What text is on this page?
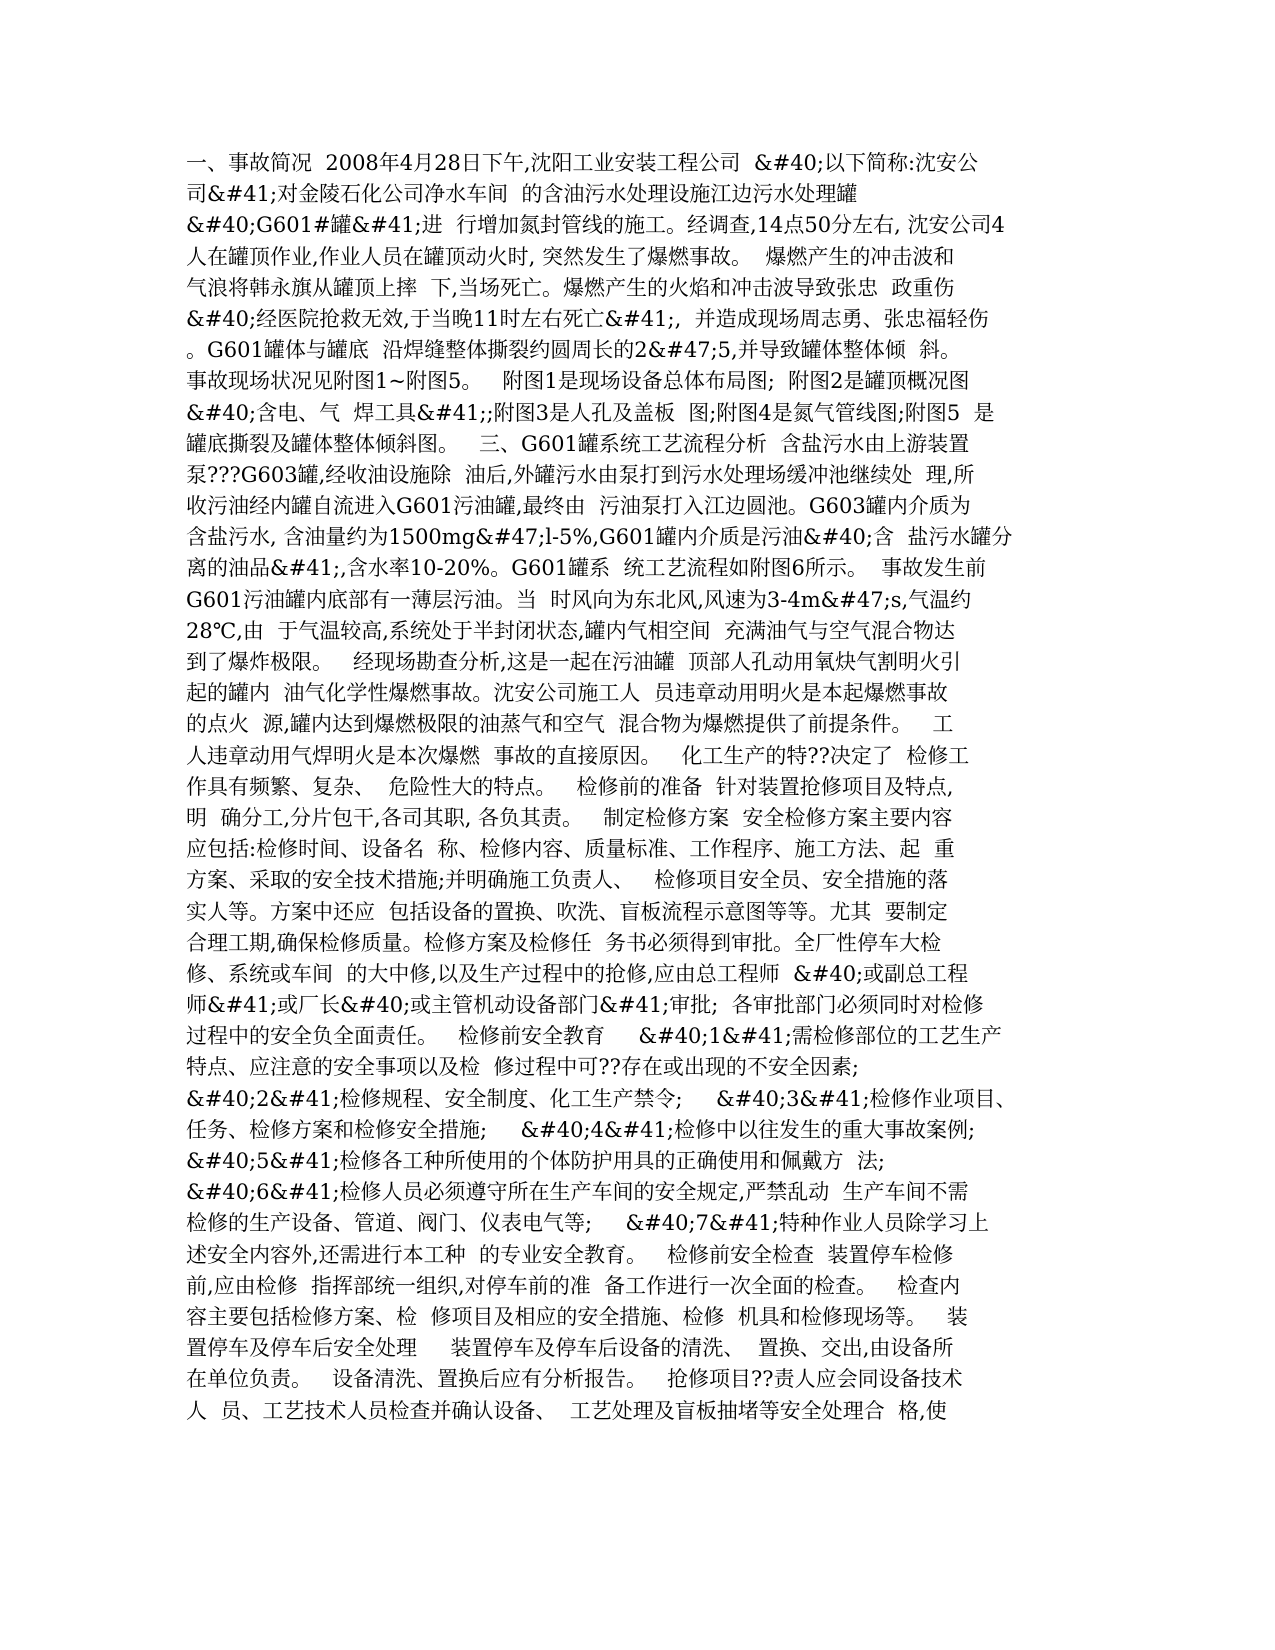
一、事故简况  2008年4月28日下午,沈阳工业安装工程公司  &#40;以下简称:沈安公
司&#41;对金陵石化公司净水车间  的含油污水处理设施江边污水处理罐
&#40;G601#罐&#41;进  行增加氮封管线的施工。经调查,14点50分左右, 沈安公司4
人在罐顶作业,作业人员在罐顶动火时, 突然发生了爆燃事故。  爆燃产生的冲击波和
气浪将韩永旗从罐顶上摔  下,当场死亡。爆燃产生的火焰和冲击波导致张忠  政重伤
&#40;经医院抢救无效,于当晚11时左右死亡&#41;,  并造成现场周志勇、张忠福轻伤
。G601罐体与罐底  沿焊缝整体撕裂约圆周长的2&#47;5,并导致罐体整体倾  斜。
事故现场状况见附图1~附图5。   附图1是现场设备总体布局图;  附图2是罐顶概况图
&#40;含电、气  焊工具&#41;;附图3是人孔及盖板  图;附图4是氮气管线图;附图5  是
罐底撕裂及罐体整体倾斜图。   三、G601罐系统工艺流程分析  含盐污水由上游装置
泵???G603罐,经收油设施除  油后,外罐污水由泵打到污水处理场缓冲池继续处  理,所
收污油经内罐自流进入G601污油罐,最终由  污油泵打入江边圆池。G603罐内介质为
含盐污水, 含油量约为1500mg&#47;l-5%,G601罐内介质是污油&#40;含  盐污水罐分
离的油品&#41;,含水率10-20%。G601罐系  统工艺流程如附图6所示。  事故发生前
G601污油罐内底部有一薄层污油。当  时风向为东北风,风速为3-4m&#47;s,气温约
28℃,由  于气温较高,系统处于半封闭状态,罐内气相空间  充满油气与空气混合物达
到了爆炸极限。   经现场勘查分析,这是一起在污油罐  顶部人孔动用氧炔气割明火引
起的罐内  油气化学性爆燃事故。沈安公司施工人  员违章动用明火是本起爆燃事故
的点火  源,罐内达到爆燃极限的油蒸气和空气  混合物为爆燃提供了前提条件。   工
人违章动用气焊明火是本次爆燃  事故的直接原因。   化工生产的特??决定了  检修工
作具有频繁、复杂、  危险性大的特点。   检修前的准备  针对装置抢修项目及特点,
明  确分工,分片包干,各司其职, 各负其责。   制定检修方案  安全检修方案主要内容
应包括:检修时间、设备名  称、检修内容、质量标准、工作程序、施工方法、起  重
方案、采取的安全技术措施;并明确施工负责人、   检修项目安全员、安全措施的落
实人等。方案中还应  包括设备的置换、吹洗、盲板流程示意图等等。尤其  要制定
合理工期,确保检修质量。检修方案及检修任  务书必须得到审批。全厂性停车大检
修、系统或车间  的大中修,以及生产过程中的抢修,应由总工程师  &#40;或副总工程
师&#41;或厂长&#40;或主管机动设备部门&#41;审批;  各审批部门必须同时对检修
过程中的安全负全面责任。   检修前安全教育     &#40;1&#41;需检修部位的工艺生产
特点、应注意的安全事项以及检  修过程中可??存在或出现的不安全因素;
&#40;2&#41;检修规程、安全制度、化工生产禁令;     &#40;3&#41;检修作业项目、
任务、检修方案和检修安全措施;     &#40;4&#41;检修中以往发生的重大事故案例;
&#40;5&#41;检修各工种所使用的个体防护用具的正确使用和佩戴方  法;
&#40;6&#41;检修人员必须遵守所在生产车间的安全规定,严禁乱动  生产车间不需
检修的生产设备、管道、阀门、仪表电气等;     &#40;7&#41;特种作业人员除学习上
述安全内容外,还需进行本工种  的专业安全教育。   检修前安全检查  装置停车检修
前,应由检修  指挥部统一组织,对停车前的准  备工作进行一次全面的检查。   检查内
容主要包括检修方案、检  修项目及相应的安全措施、检修  机具和检修现场等。   装
置停车及停车后安全处理     装置停车及停车后设备的清洗、  置换、交出,由设备所
在单位负责。   设备清洗、置换后应有分析报告。   抢修项目??责人应会同设备技术
人  员、工艺技术人员检查并确认设备、  工艺处理及盲板抽堵等安全处理合  格,使
